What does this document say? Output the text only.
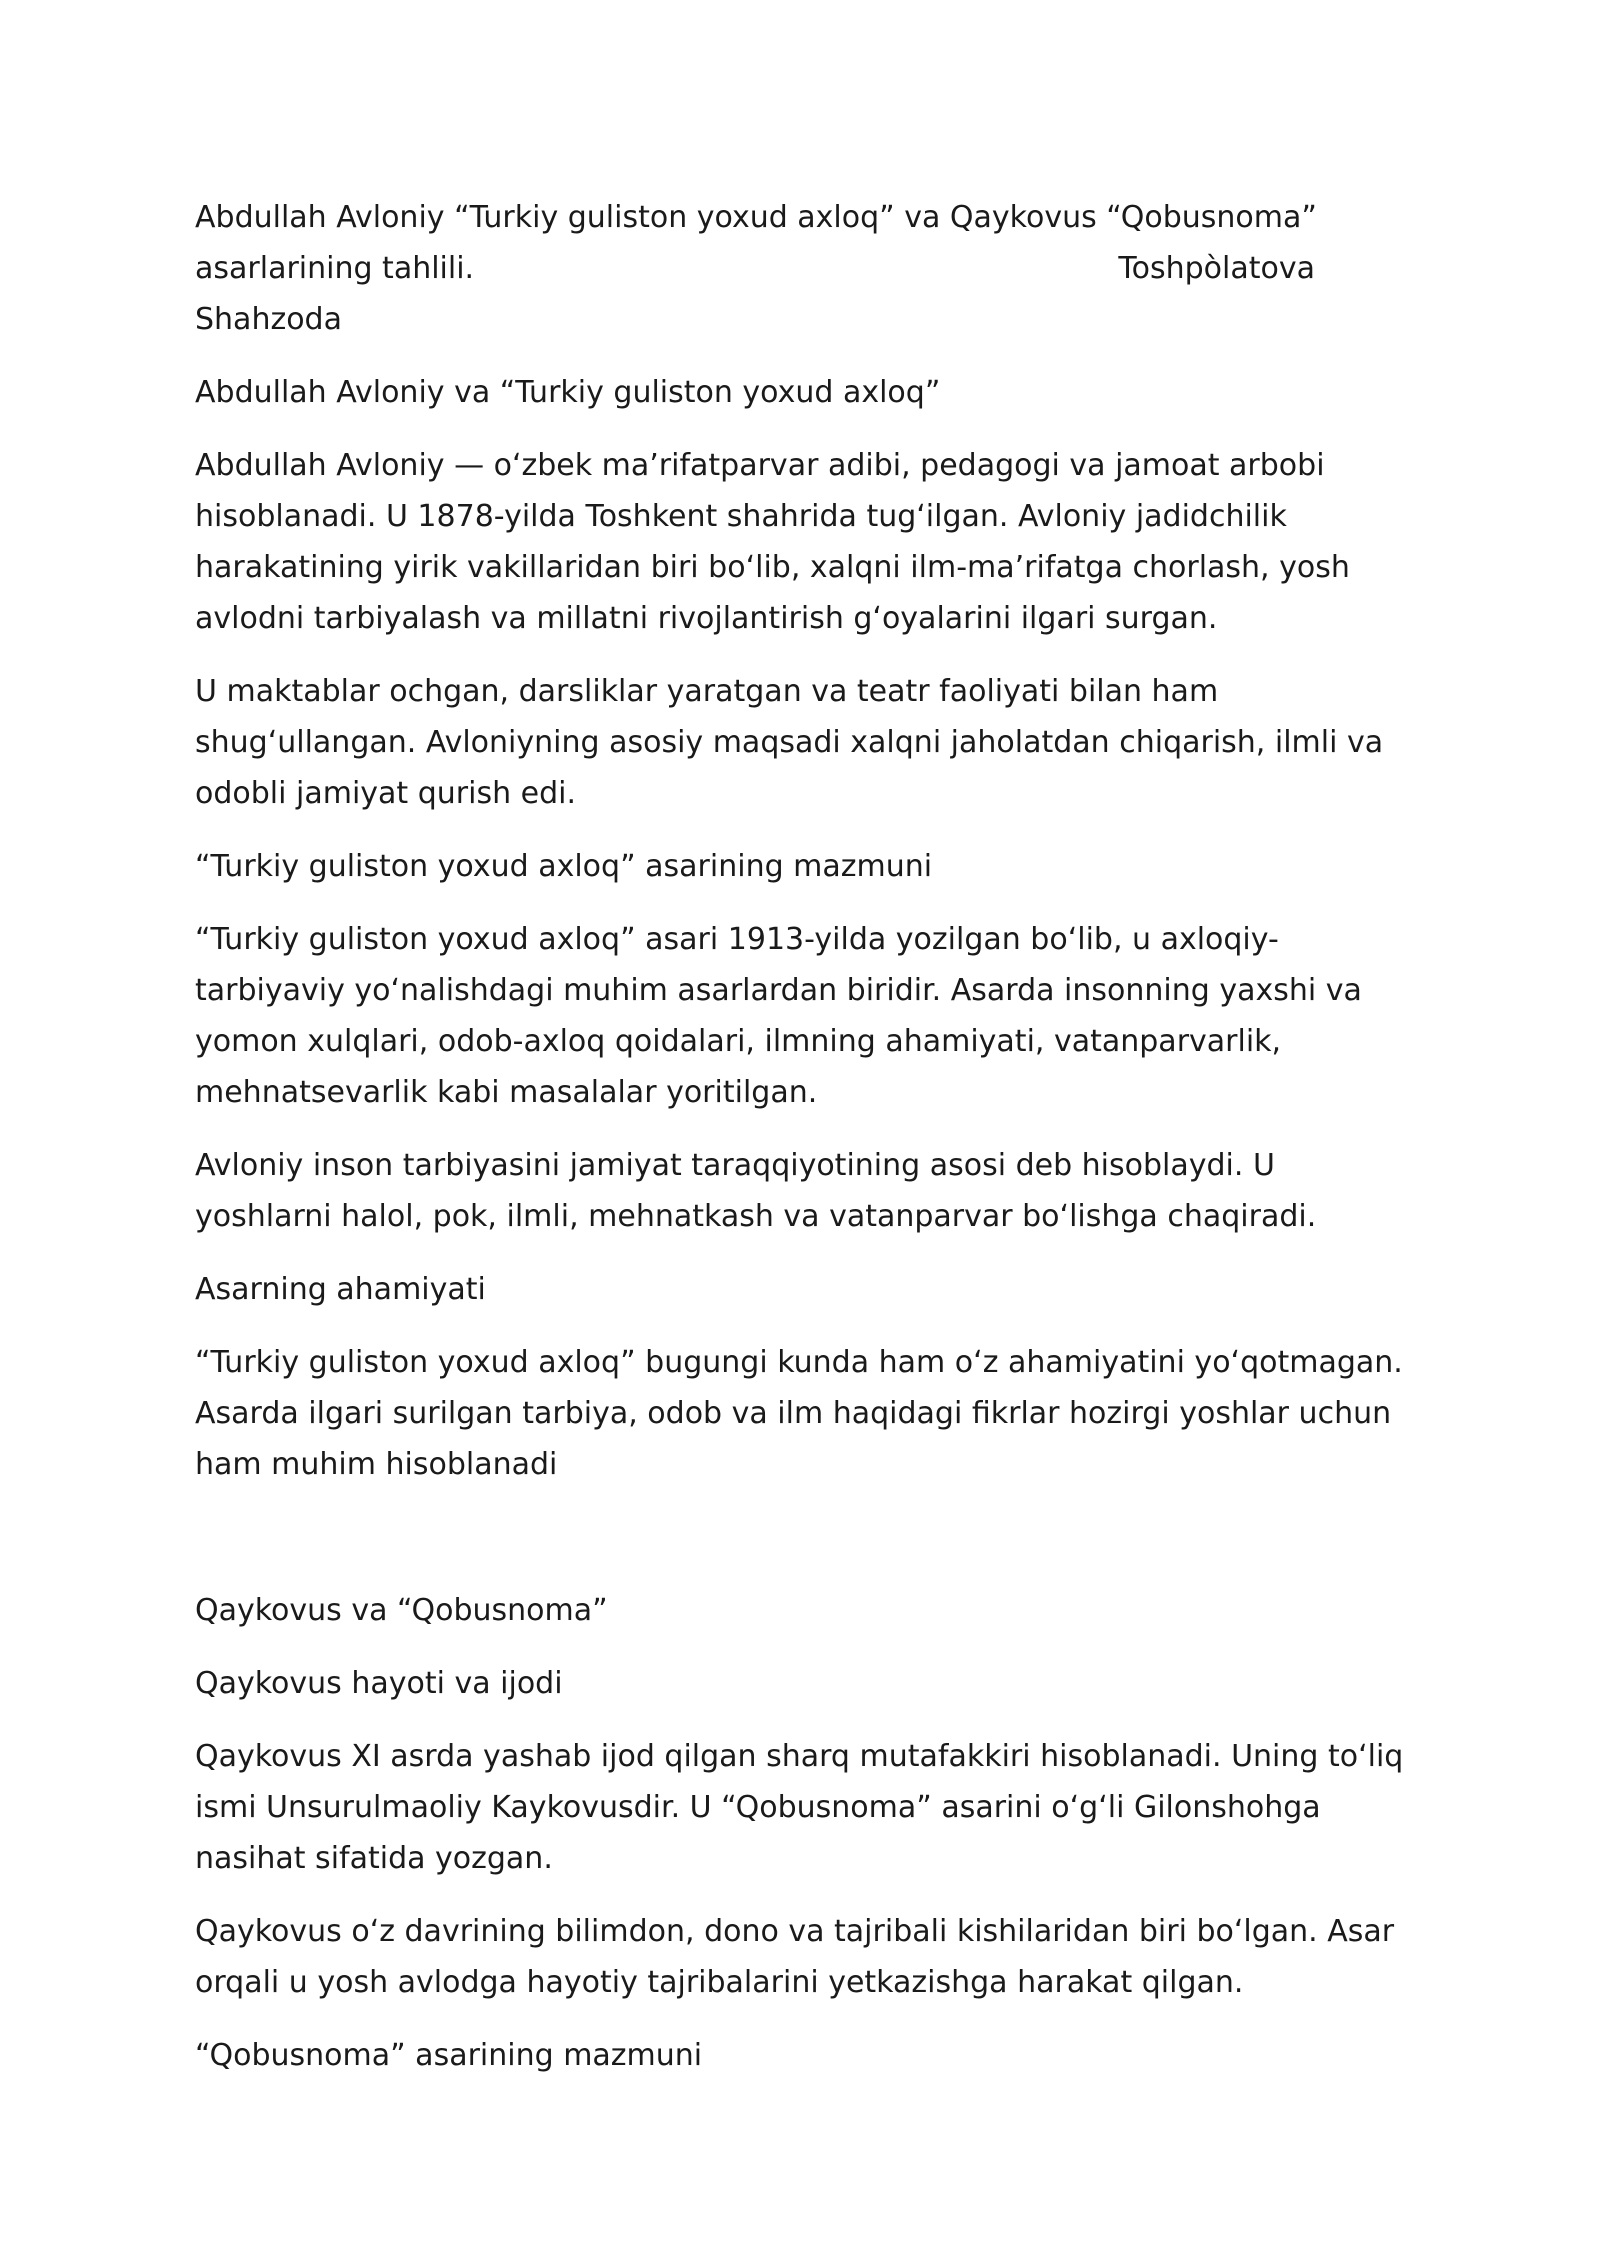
Abdullah Avloniy “Turkiy guliston yoxud axloq” va Qaykovus “Qobusnoma”
asarlarining tahlili.	Toshpòlatova
Shahzoda

Abdullah Avloniy va “Turkiy guliston yoxud axloq”

Abdullah Avloniy — o‘zbek ma’rifatparvar adibi, pedagogi va jamoat arbobi hisoblanadi. U 1878-yilda Toshkent shahrida tug‘ilgan. Avloniy jadidchilik harakatining yirik vakillaridan biri bo‘lib, xalqni ilm-ma’rifatga chorlash, yosh avlodni tarbiyalash va millatni rivojlantirish g‘oyalarini ilgari surgan.

U maktablar ochgan, darsliklar yaratgan va teatr faoliyati bilan ham shug‘ullangan. Avloniyning asosiy maqsadi xalqni jaholatdan chiqarish, ilmli va odobli jamiyat qurish edi.

“Turkiy guliston yoxud axloq” asarining mazmuni

“Turkiy guliston yoxud axloq” asari 1913-yilda yozilgan bo‘lib, u axloqiy-tarbiyaviy yo‘nalishdagi muhim asarlardan biridir. Asarda insonning yaxshi va yomon xulqlari, odob-axloq qoidalari, ilmning ahamiyati, vatanparvarlik, mehnatsevarlik kabi masalalar yoritilgan.

Avloniy inson tarbiyasini jamiyat taraqqiyotining asosi deb hisoblaydi. U yoshlarni halol, pok, ilmli, mehnatkash va vatanparvar bo‘lishga chaqiradi.

Asarning ahamiyati

“Turkiy guliston yoxud axloq” bugungi kunda ham o‘z ahamiyatini yo‘qotmagan. Asarda ilgari surilgan tarbiya, odob va ilm haqidagi fikrlar hozirgi yoshlar uchun ham muhim hisoblanadi

Qaykovus va “Qobusnoma”

Qaykovus hayoti va ijodi

Qaykovus XI asrda yashab ijod qilgan sharq mutafakkiri hisoblanadi. Uning to‘liq ismi Unsurulmaoliy Kaykovusdir. U “Qobusnoma” asarini o‘g‘li Gilonshohga nasihat sifatida yozgan.

Qaykovus o‘z davrining bilimdon, dono va tajribali kishilaridan biri bo‘lgan. Asar orqali u yosh avlodga hayotiy tajribalarini yetkazishga harakat qilgan.

“Qobusnoma” asarining mazmuni
